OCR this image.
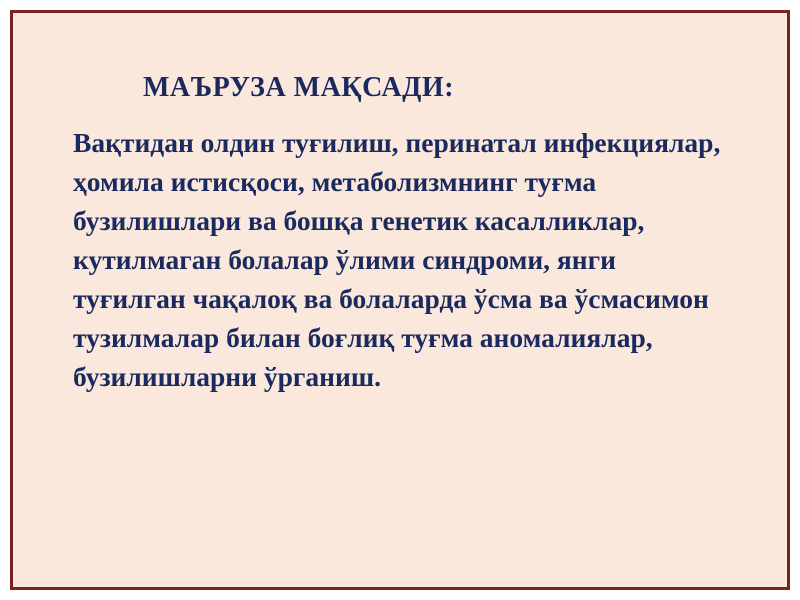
МАЪРУЗА МАҚСАДИ:

Вақтидан олдин туғилиш, перинатал инфекциялар, ҳомила истисқоси, метаболизмнинг туғма бузилишлари ва бошқа генетик касалликлар, кутилмаган болалар ўлими синдроми, янги туғилган чақалоқ ва болаларда ўсма ва ўсмасимон тузилмалар билан боғлиқ туғма аномалиялар, бузилишларни ўрганиш.
